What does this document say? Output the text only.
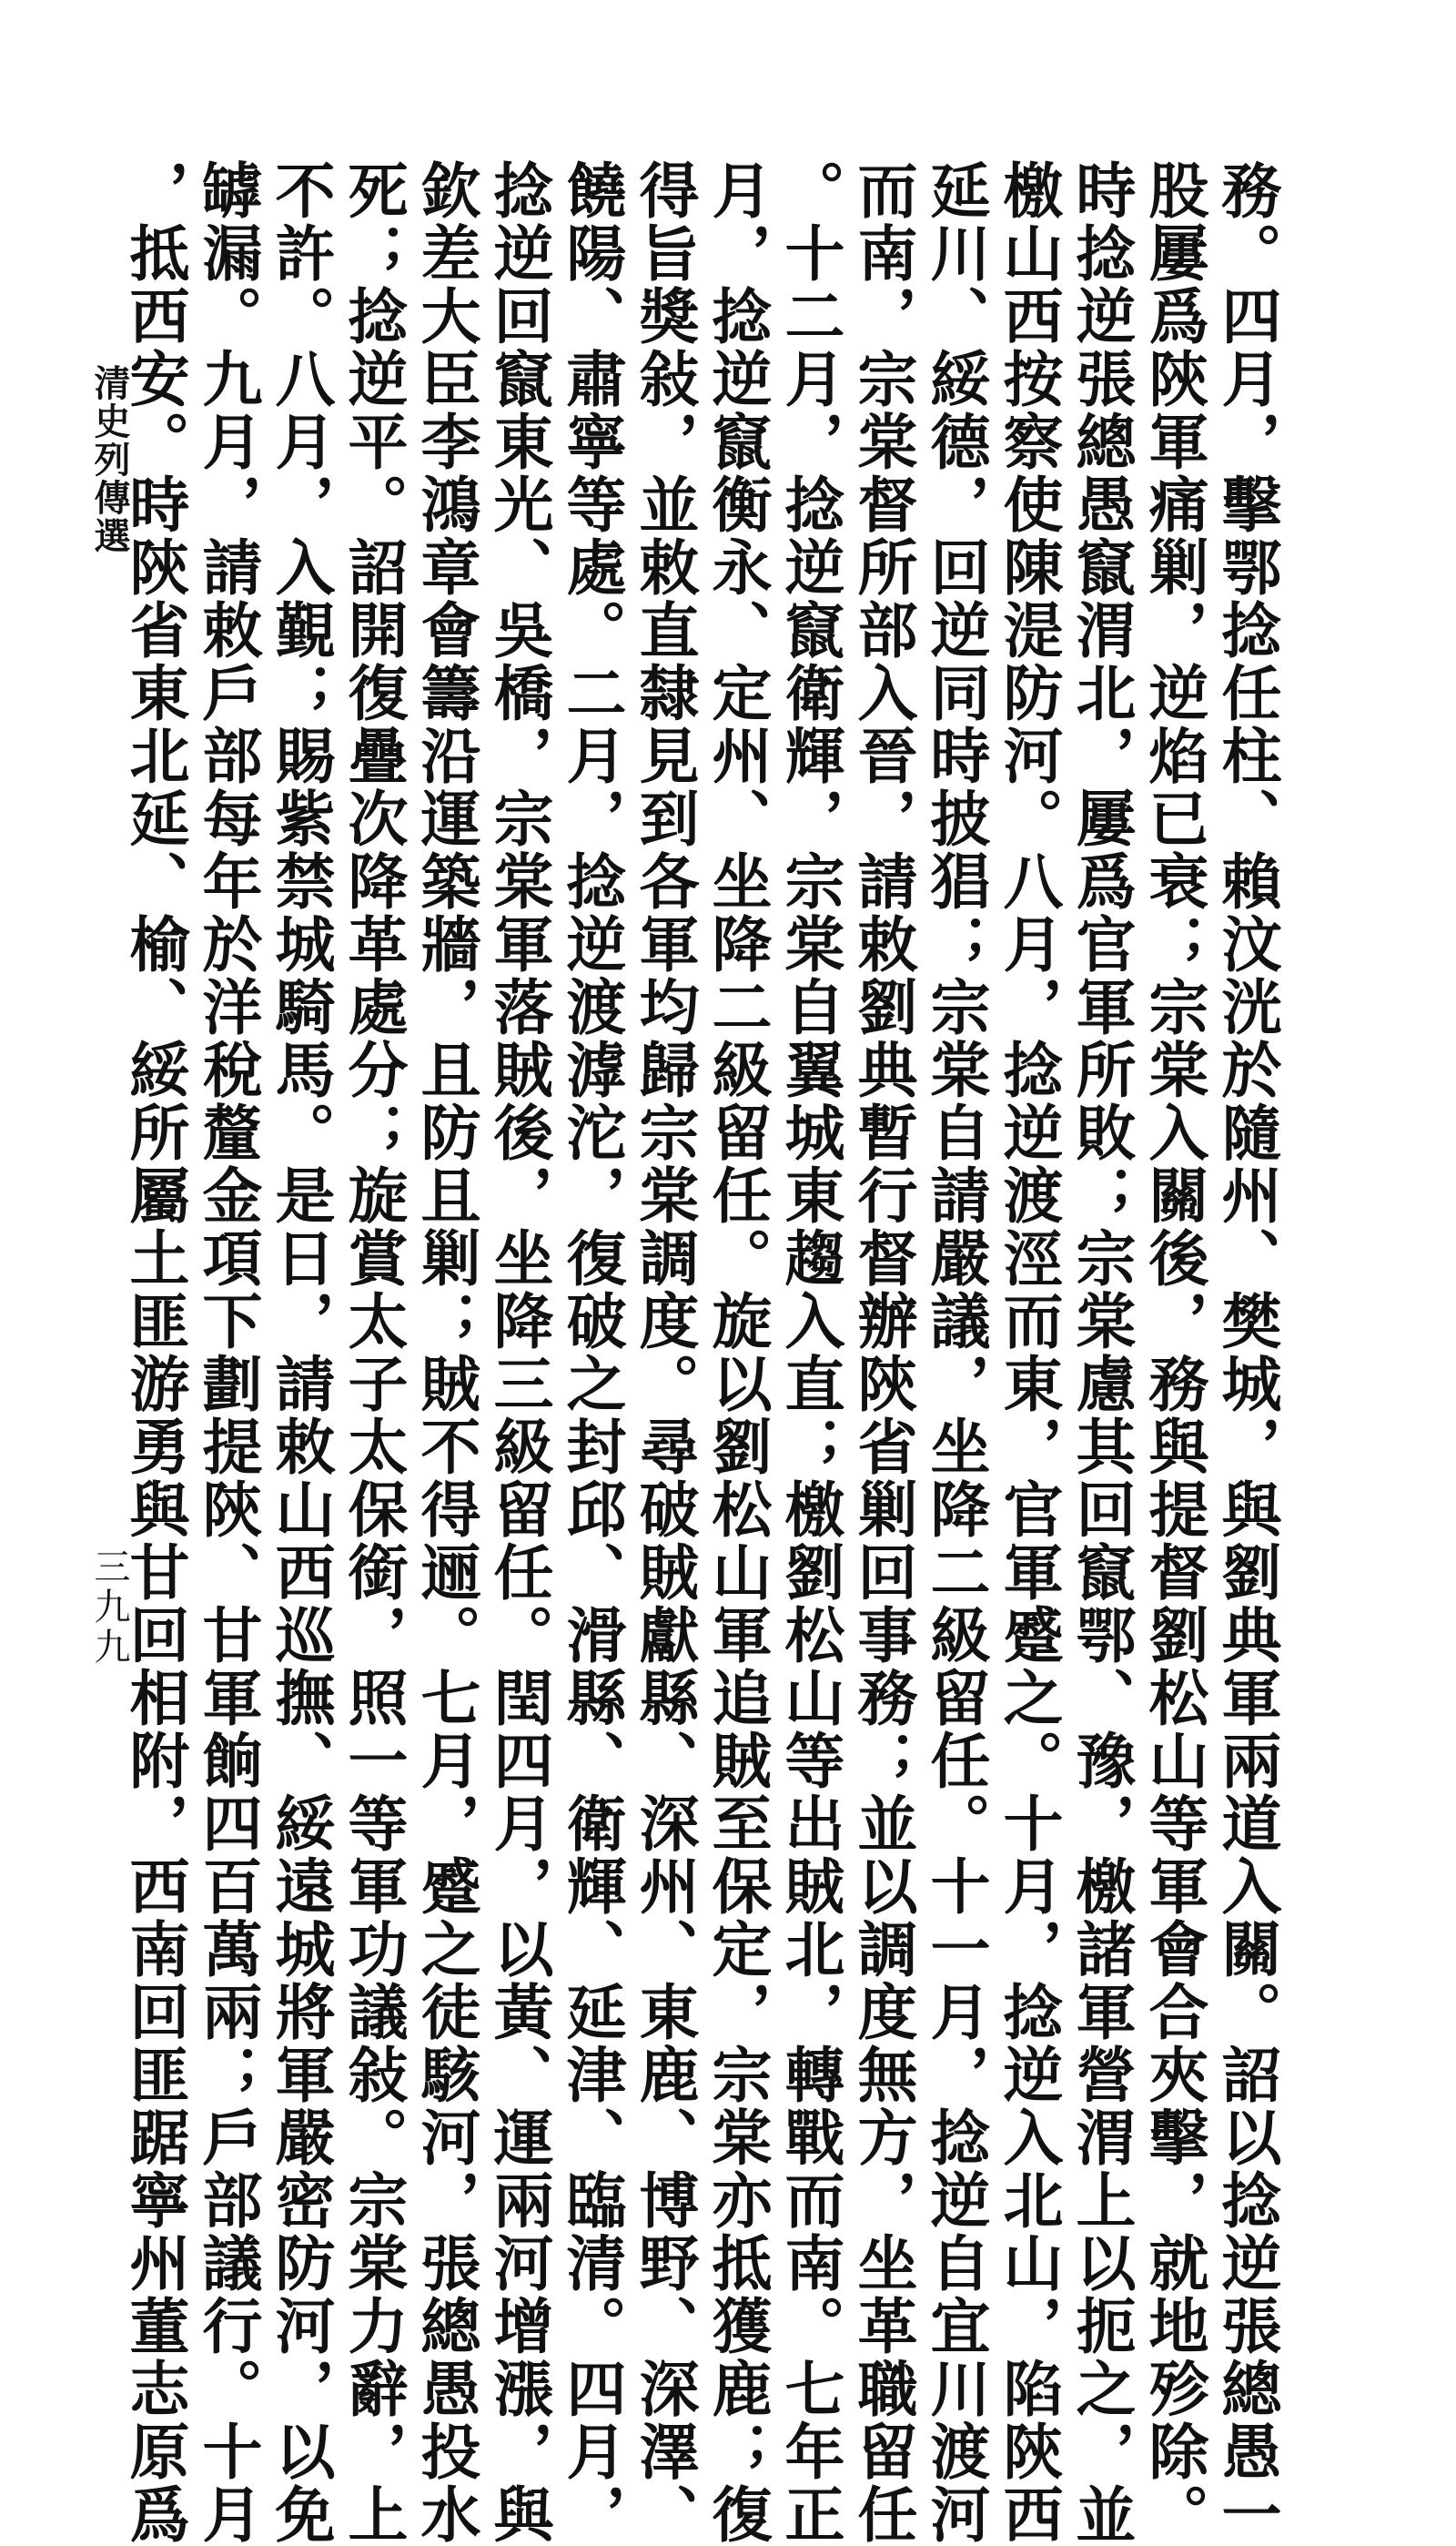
務。四月，擊鄂捻任柱、賴汶洸於隨州、樊城，與劉典軍兩道入關。詔以捻逆張總愚一
股屢爲陝軍痛剿，逆焰已衰；宗棠入關後，務與提督劉松山等軍會合夾擊，就地殄除。
時捻逆張總愚竄渭北，屢爲官軍所敗；宗棠慮其回竄鄂、豫，檄諸軍營渭上以扼之，並
檄山西按察使陳湜防河。八月，捻逆渡涇而東，官軍蹙之。十月，捻逆入北山，陷陝西
延川、綏德，回逆同時披猖；宗棠自請嚴議，坐降二級留任。十一月，捻逆自宜川渡河
而南，宗棠督所部入晉，請敕劉典暫行督辦陝省剿回事務；並以調度無方，坐革職留任
。十二月，捻逆竄衛輝，宗棠自翼城東趨入直；檄劉松山等出賊北，轉戰而南。七年正
月，捻逆竄衡永、定州、坐降二級留任。旋以劉松山軍追賊至保定，宗棠亦抵獲鹿；復
得旨獎敍，並敕直隸見到各軍均歸宗棠調度。尋破賊獻縣、深州、東鹿、博野、深澤、
饒陽、肅寧等處。二月，捻逆渡滹沱，復破之封邱、滑縣、衛輝、延津、臨清。四月，
捻逆回竄東光、吳橋，宗棠軍落賊後，坐降三級留任。閏四月，以黃、運兩河增漲，與
欽差大臣李鴻章會籌沿運築牆，且防且剿；賊不得逦。七月，蹙之徒駭河，張總愚投水
死；捻逆平。詔開復疊次降革處分；旋賞太子太保銜，照一等軍功議敍。宗棠力辭，上
不許。八月，入覲；賜紫禁城騎馬。是日，請敕山西巡撫、綏遠城將軍嚴密防河，以免
罅漏。九月，請敕戶部每年於洋稅釐金項下劃提陝、甘軍餉四百萬兩；戶部議行。十月
，抵西安。時陝省東北延、榆、綏所屬土匪游勇與甘回相附，西南回匪踞寧州董志原爲
清史列傳選
三九九
